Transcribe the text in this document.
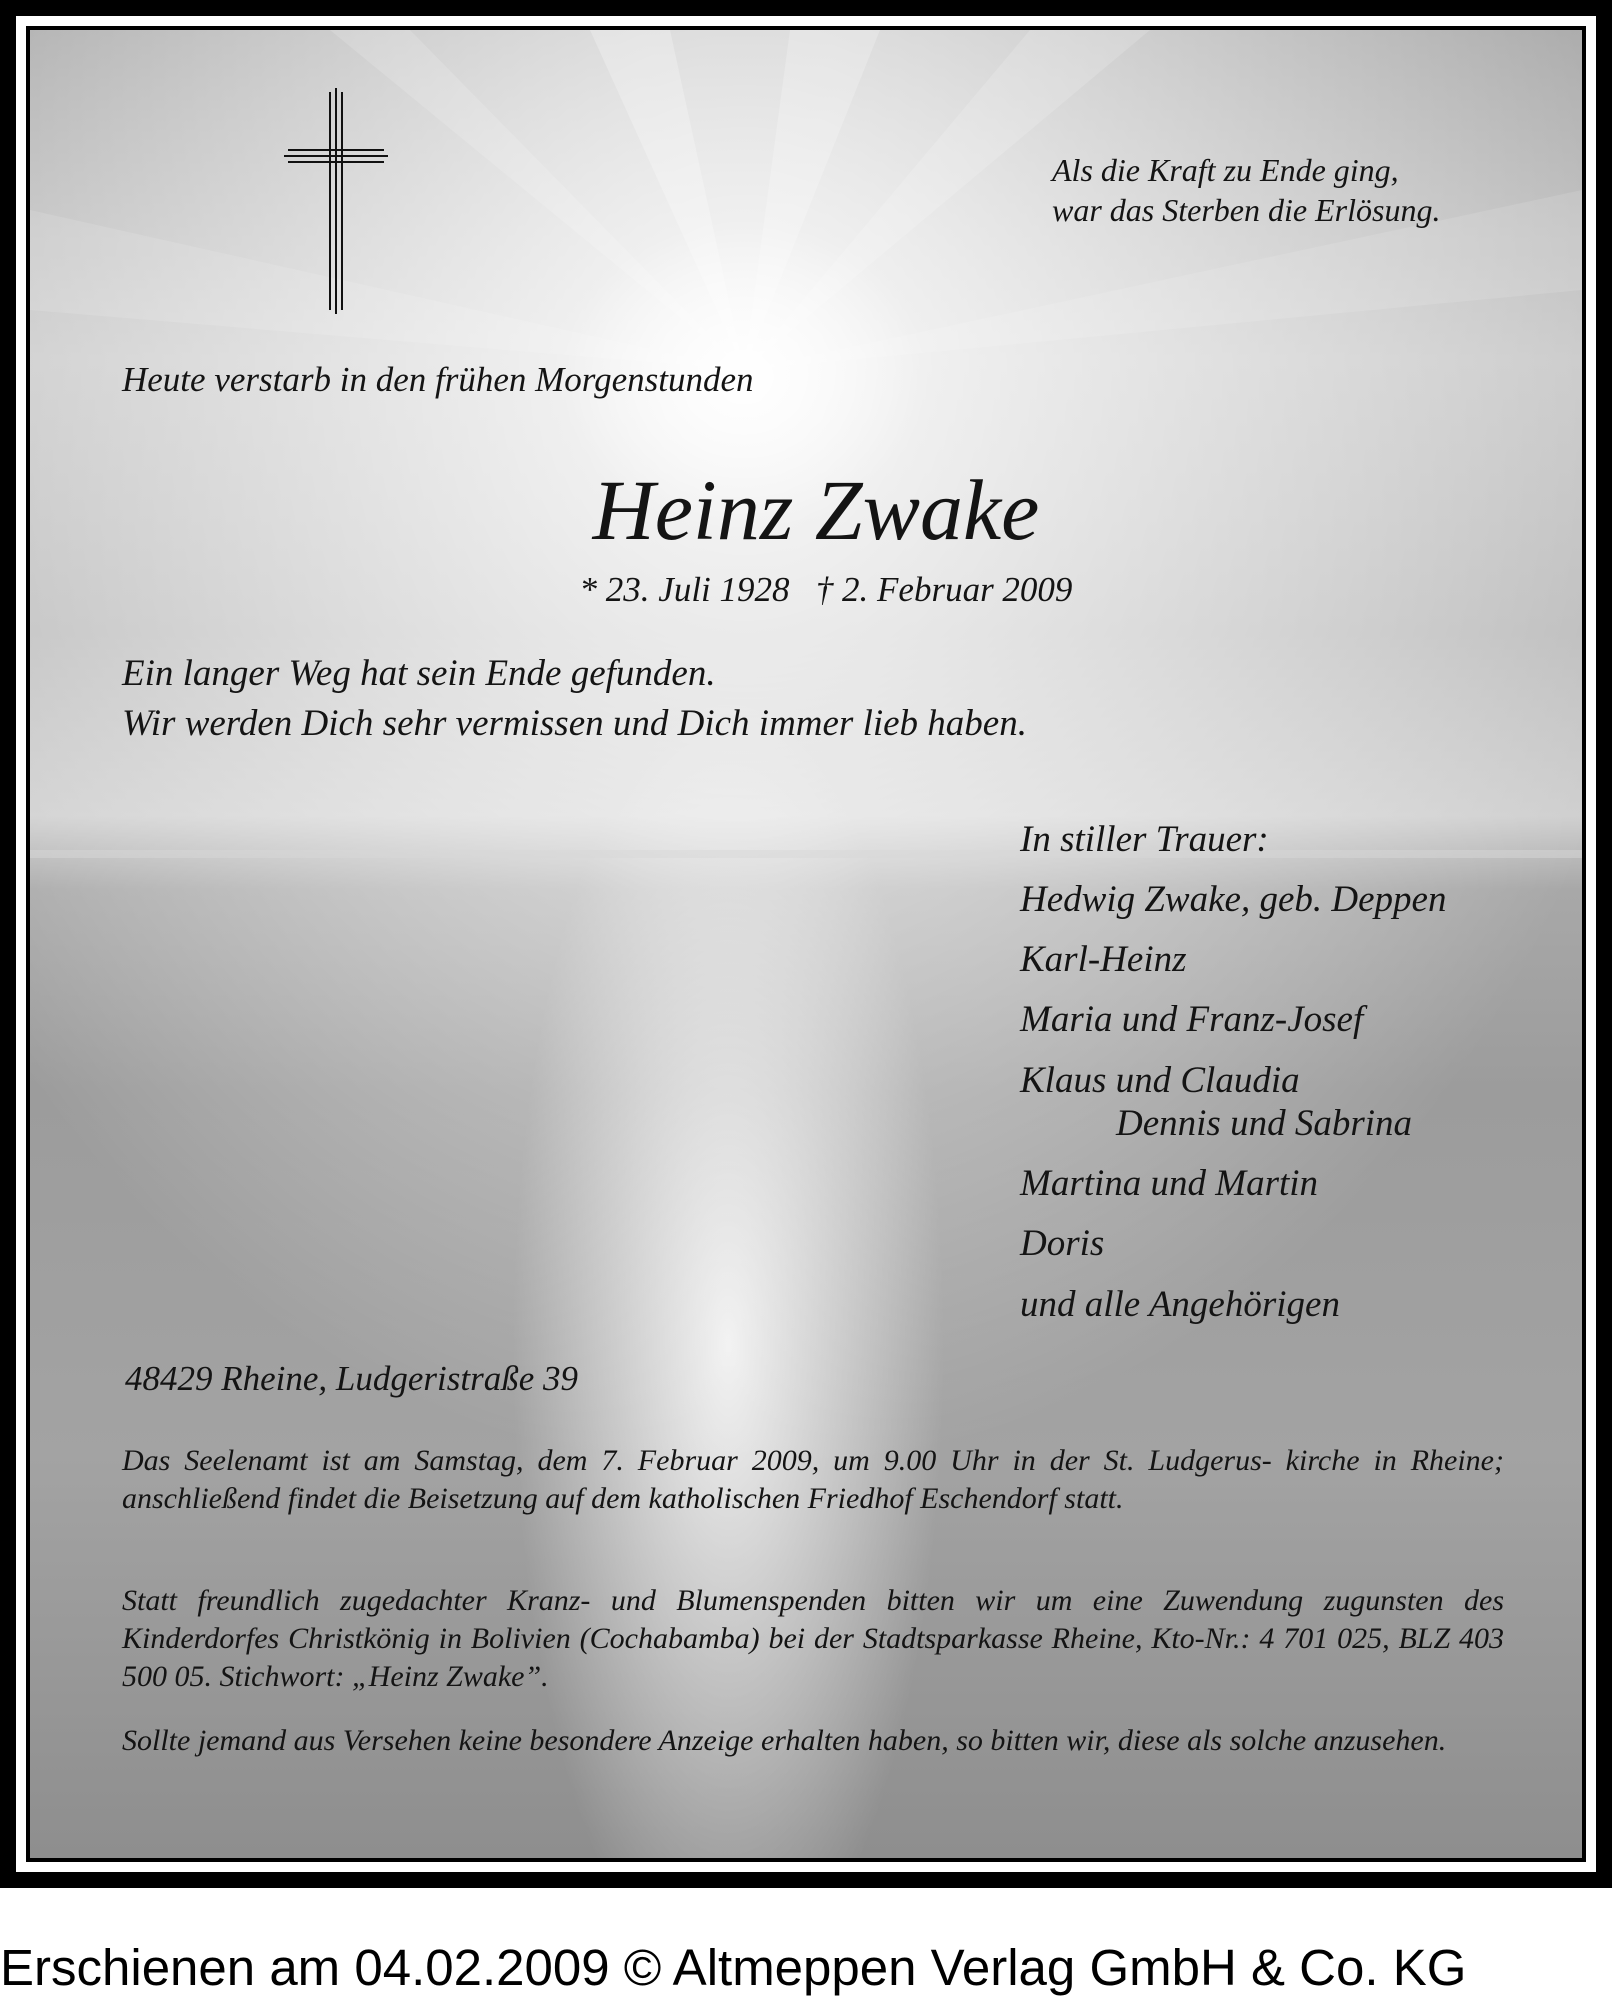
Als die Kraft zu Ende ging,
war das Sterben die Erlösung.
Heute verstarb in den frühen Morgenstunden
Heinz Zwake
* 23. Juli 1928   † 2. Februar 2009
Ein langer Weg hat sein Ende gefunden.
Wir werden Dich sehr vermissen und Dich immer lieb haben.
In stiller Trauer:
Hedwig Zwake, geb. Deppen
Karl-Heinz
Maria und Franz-Josef
Klaus und Claudia
Dennis und Sabrina
Martina und Martin
Doris
und alle Angehörigen
48429 Rheine, Ludgeristraße 39
Das Seelenamt ist am Samstag, dem 7. Februar 2009, um 9.00 Uhr in der St. Ludgerus- kirche in Rheine; anschließend findet die Beisetzung auf dem katholischen Friedhof Eschendorf statt.
Statt freundlich zugedachter Kranz- und Blumenspenden bitten wir um eine Zuwendung zugunsten des Kinderdorfes Christkönig in Bolivien (Cochabamba) bei der Stadtsparkasse Rheine, Kto-Nr.: 4 701 025, BLZ 403 500 05. Stichwort: „Heinz Zwake”.
Sollte jemand aus Versehen keine besondere Anzeige erhalten haben, so bitten wir, diese als solche anzusehen.
Erschienen am 04.02.2009 © Altmeppen Verlag GmbH & Co. KG
